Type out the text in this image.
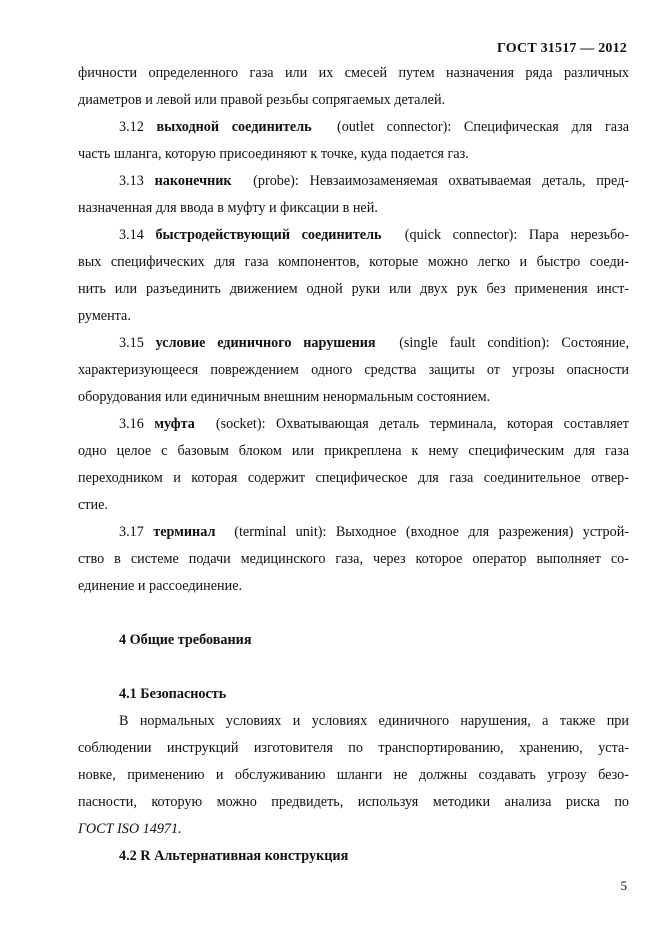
ГОСТ 31517 — 2012
фичности определенного газа или их смесей путем назначения ряда различных
диаметров и левой или правой резьбы сопрягаемых деталей.
3.12 выходной соединитель (outlet connector): Специфическая для газа
часть шланга, которую присоединяют к точке, куда подается газ.
3.13 наконечник (probe): Невзаимозаменяемая охватываемая деталь, пред-
назначенная для ввода в муфту и фиксации в ней.
3.14 быстродействующий соединитель (quick connector): Пара нерезьбо-
вых специфических для газа компонентов, которые можно легко и быстро соеди-
нить или разъединить движением одной руки или двух рук без применения инст-
румента.
3.15 условие единичного нарушения (single fault condition): Состояние,
характеризующееся повреждением одного средства защиты от угрозы опасности
оборудования или единичным внешним ненормальным состоянием.
3.16 муфта (socket): Охватывающая деталь терминала, которая составляет
одно целое с базовым блоком или прикреплена к нему специфическим для газа
переходником и которая содержит специфическое для газа соединительное отвер-
стие.
3.17 терминал (terminal unit): Выходное (входное для разрежения) устрой-
ство в системе подачи медицинского газа, через которое оператор выполняет со-
единение и рассоединение.
4 Общие требования
4.1 Безопасность
В нормальных условиях и условиях единичного нарушения, а также при
соблюдении инструкций изготовителя по транспортированию, хранению, уста-
новке, применению и обслуживанию шланги не должны создавать угрозу безо-
пасности, которую можно предвидеть, используя методики анализа риска по
ГОСТ ISO 14971.
4.2 R Альтернативная конструкция
5
